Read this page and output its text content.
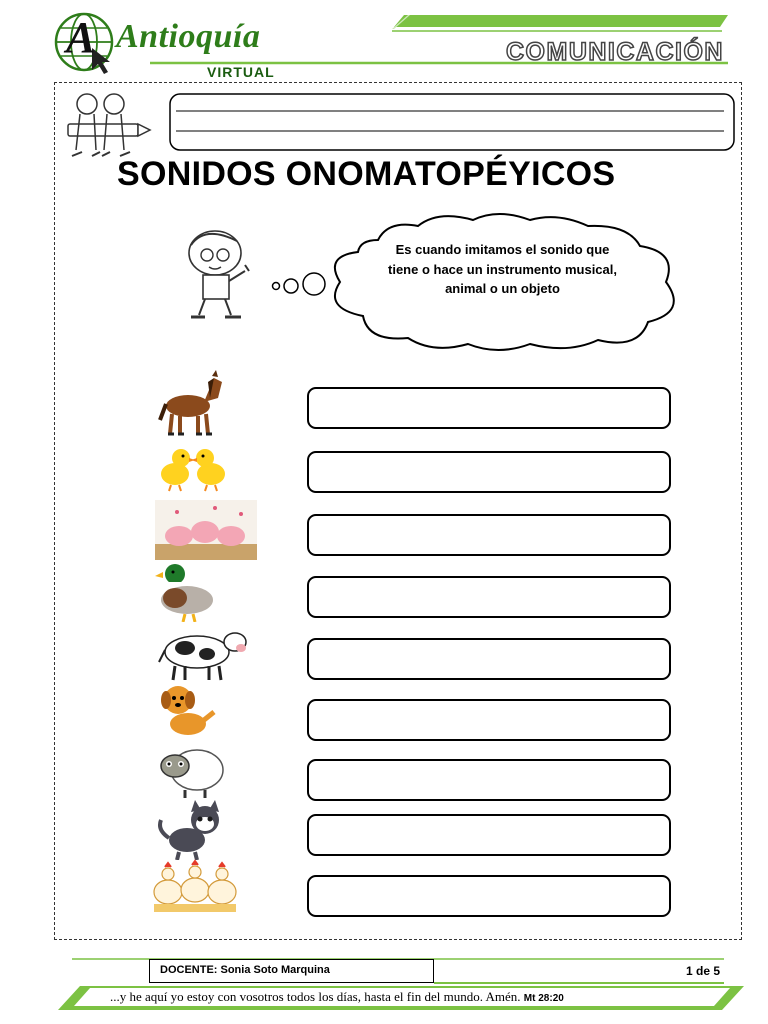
A Antioquía
VIRTUAL
COMUNICACIÓN
SONIDOS ONOMATOPÉYICOS
Es cuando imitamos el sonido que tiene o hace un instrumento musical, animal o un objeto
DOCENTE: Sonia Soto Marquina	1 de 5
...y he aquí yo estoy con vosotros todos los días, hasta el fin del mundo. Amén. Mt 28:20
